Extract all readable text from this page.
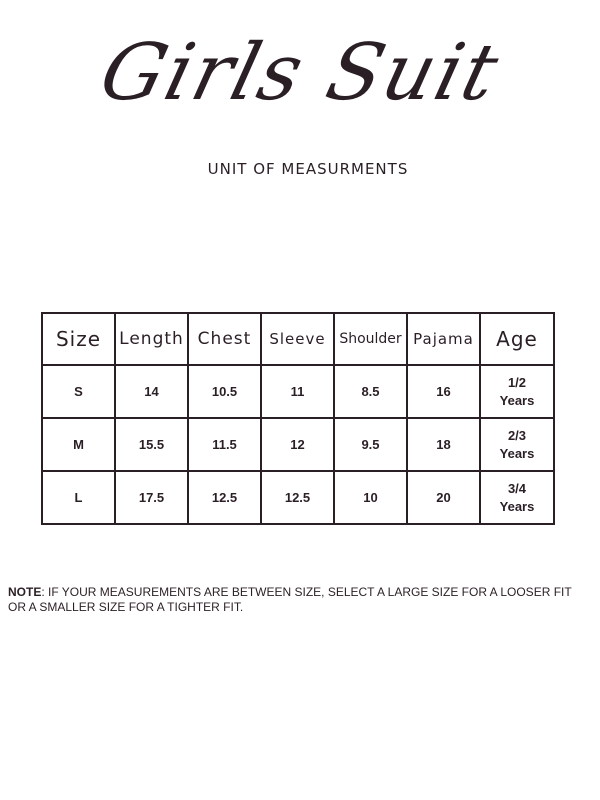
Girls Suit
UNIT OF MEASURMENTS
Size	Length	Chest	Sleeve	Shoulder	Pajama	Age
S	14	10.5	11	8.5	16	1/2
Years
M	15.5	11.5	12	9.5	18	2/3
Years
L	17.5	12.5	12.5	10	20	3/4
Years
NOTE: IF YOUR MEASUREMENTS ARE BETWEEN SIZE, SELECT A LARGE SIZE FOR A LOOSER FIT OR A SMALLER SIZE FOR A TIGHTER FIT.
